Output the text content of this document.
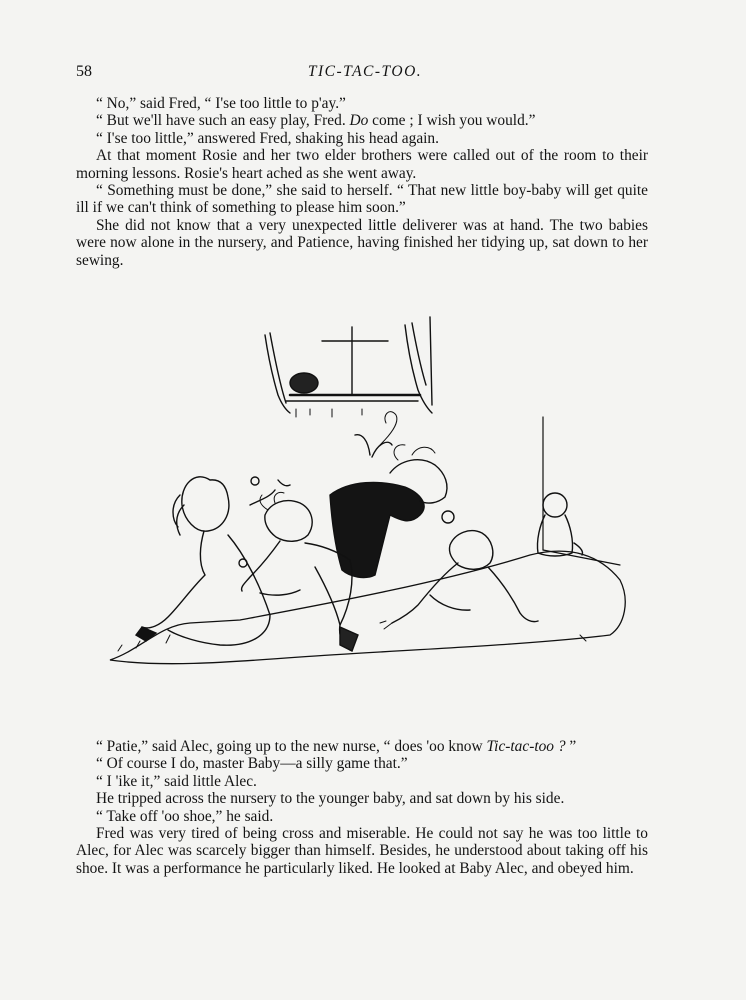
58	TIC-TAC-TOO.

“ No,” said Fred, “ I'se too little to p'ay.”

“ But we'll have such an easy play, Fred. Do come ; I wish you would.”

“ I'se too little,” answered Fred, shaking his head again.

At that moment Rosie and her two elder brothers were called out of the room to their morning lessons. Rosie's heart ached as she went away.

“ Something must be done,” she said to herself. “ That new little boy-baby will get quite ill if we can't think of something to please him soon.”

She did not know that a very unexpected little deliverer was at hand. The two babies were now alone in the nursery, and Patience, having finished her tidying up, sat down to her sewing.

“ Patie,” said Alec, going up to the new nurse, “ does 'oo know Tic-tac-too ? ”

“ Of course I do, master Baby—a silly game that.”

“ I 'ike it,” said little Alec.

He tripped across the nursery to the younger baby, and sat down by his side.

“ Take off 'oo shoe,” he said.

Fred was very tired of being cross and miserable. He could not say he was too little to Alec, for Alec was scarcely bigger than himself. Besides, he understood about taking off his shoe. It was a performance he particularly liked. He looked at Baby Alec, and obeyed him.
